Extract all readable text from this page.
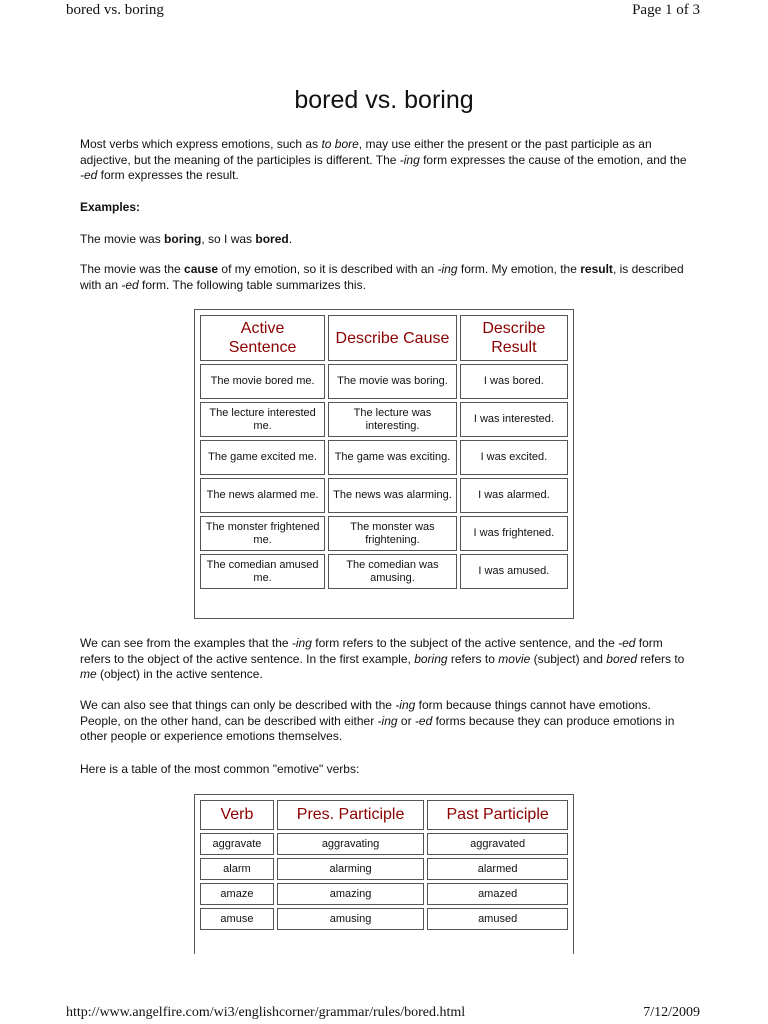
bored vs. boring	Page 1 of 3
bored vs. boring

Most verbs which express emotions, such as to bore, may use either the present or the past participle as an adjective, but the meaning of the participles is different. The -ing form expresses the cause of the emotion, and the -ed form expresses the result.

Examples:

The movie was boring, so I was bored.

The movie was the cause of my emotion, so it is described with an -ing form. My emotion, the result, is described with an -ed form. The following table summarizes this.

Active Sentence	Describe Cause	Describe Result
The movie bored me.	The movie was boring.	I was bored.
The lecture interested me.	The lecture was interesting.	I was interested.
The game excited me.	The game was exciting.	I was excited.
The news alarmed me.	The news was alarming.	I was alarmed.
The monster frightened me.	The monster was frightening.	I was frightened.
The comedian amused me.	The comedian was amusing.	I was amused.

We can see from the examples that the -ing form refers to the subject of the active sentence, and the -ed form refers to the object of the active sentence. In the first example, boring refers to movie (subject) and bored refers to me (object) in the active sentence.

We can also see that things can only be described with the -ing form because things cannot have emotions. People, on the other hand, can be described with either -ing or -ed forms because they can produce emotions in other people or experience emotions themselves.

Here is a table of the most common "emotive" verbs:

Verb	Pres. Participle	Past Participle
aggravate	aggravating	aggravated
alarm	alarming	alarmed
amaze	amazing	amazed
amuse	amusing	amused
http://www.angelfire.com/wi3/englishcorner/grammar/rules/bored.html	7/12/2009
